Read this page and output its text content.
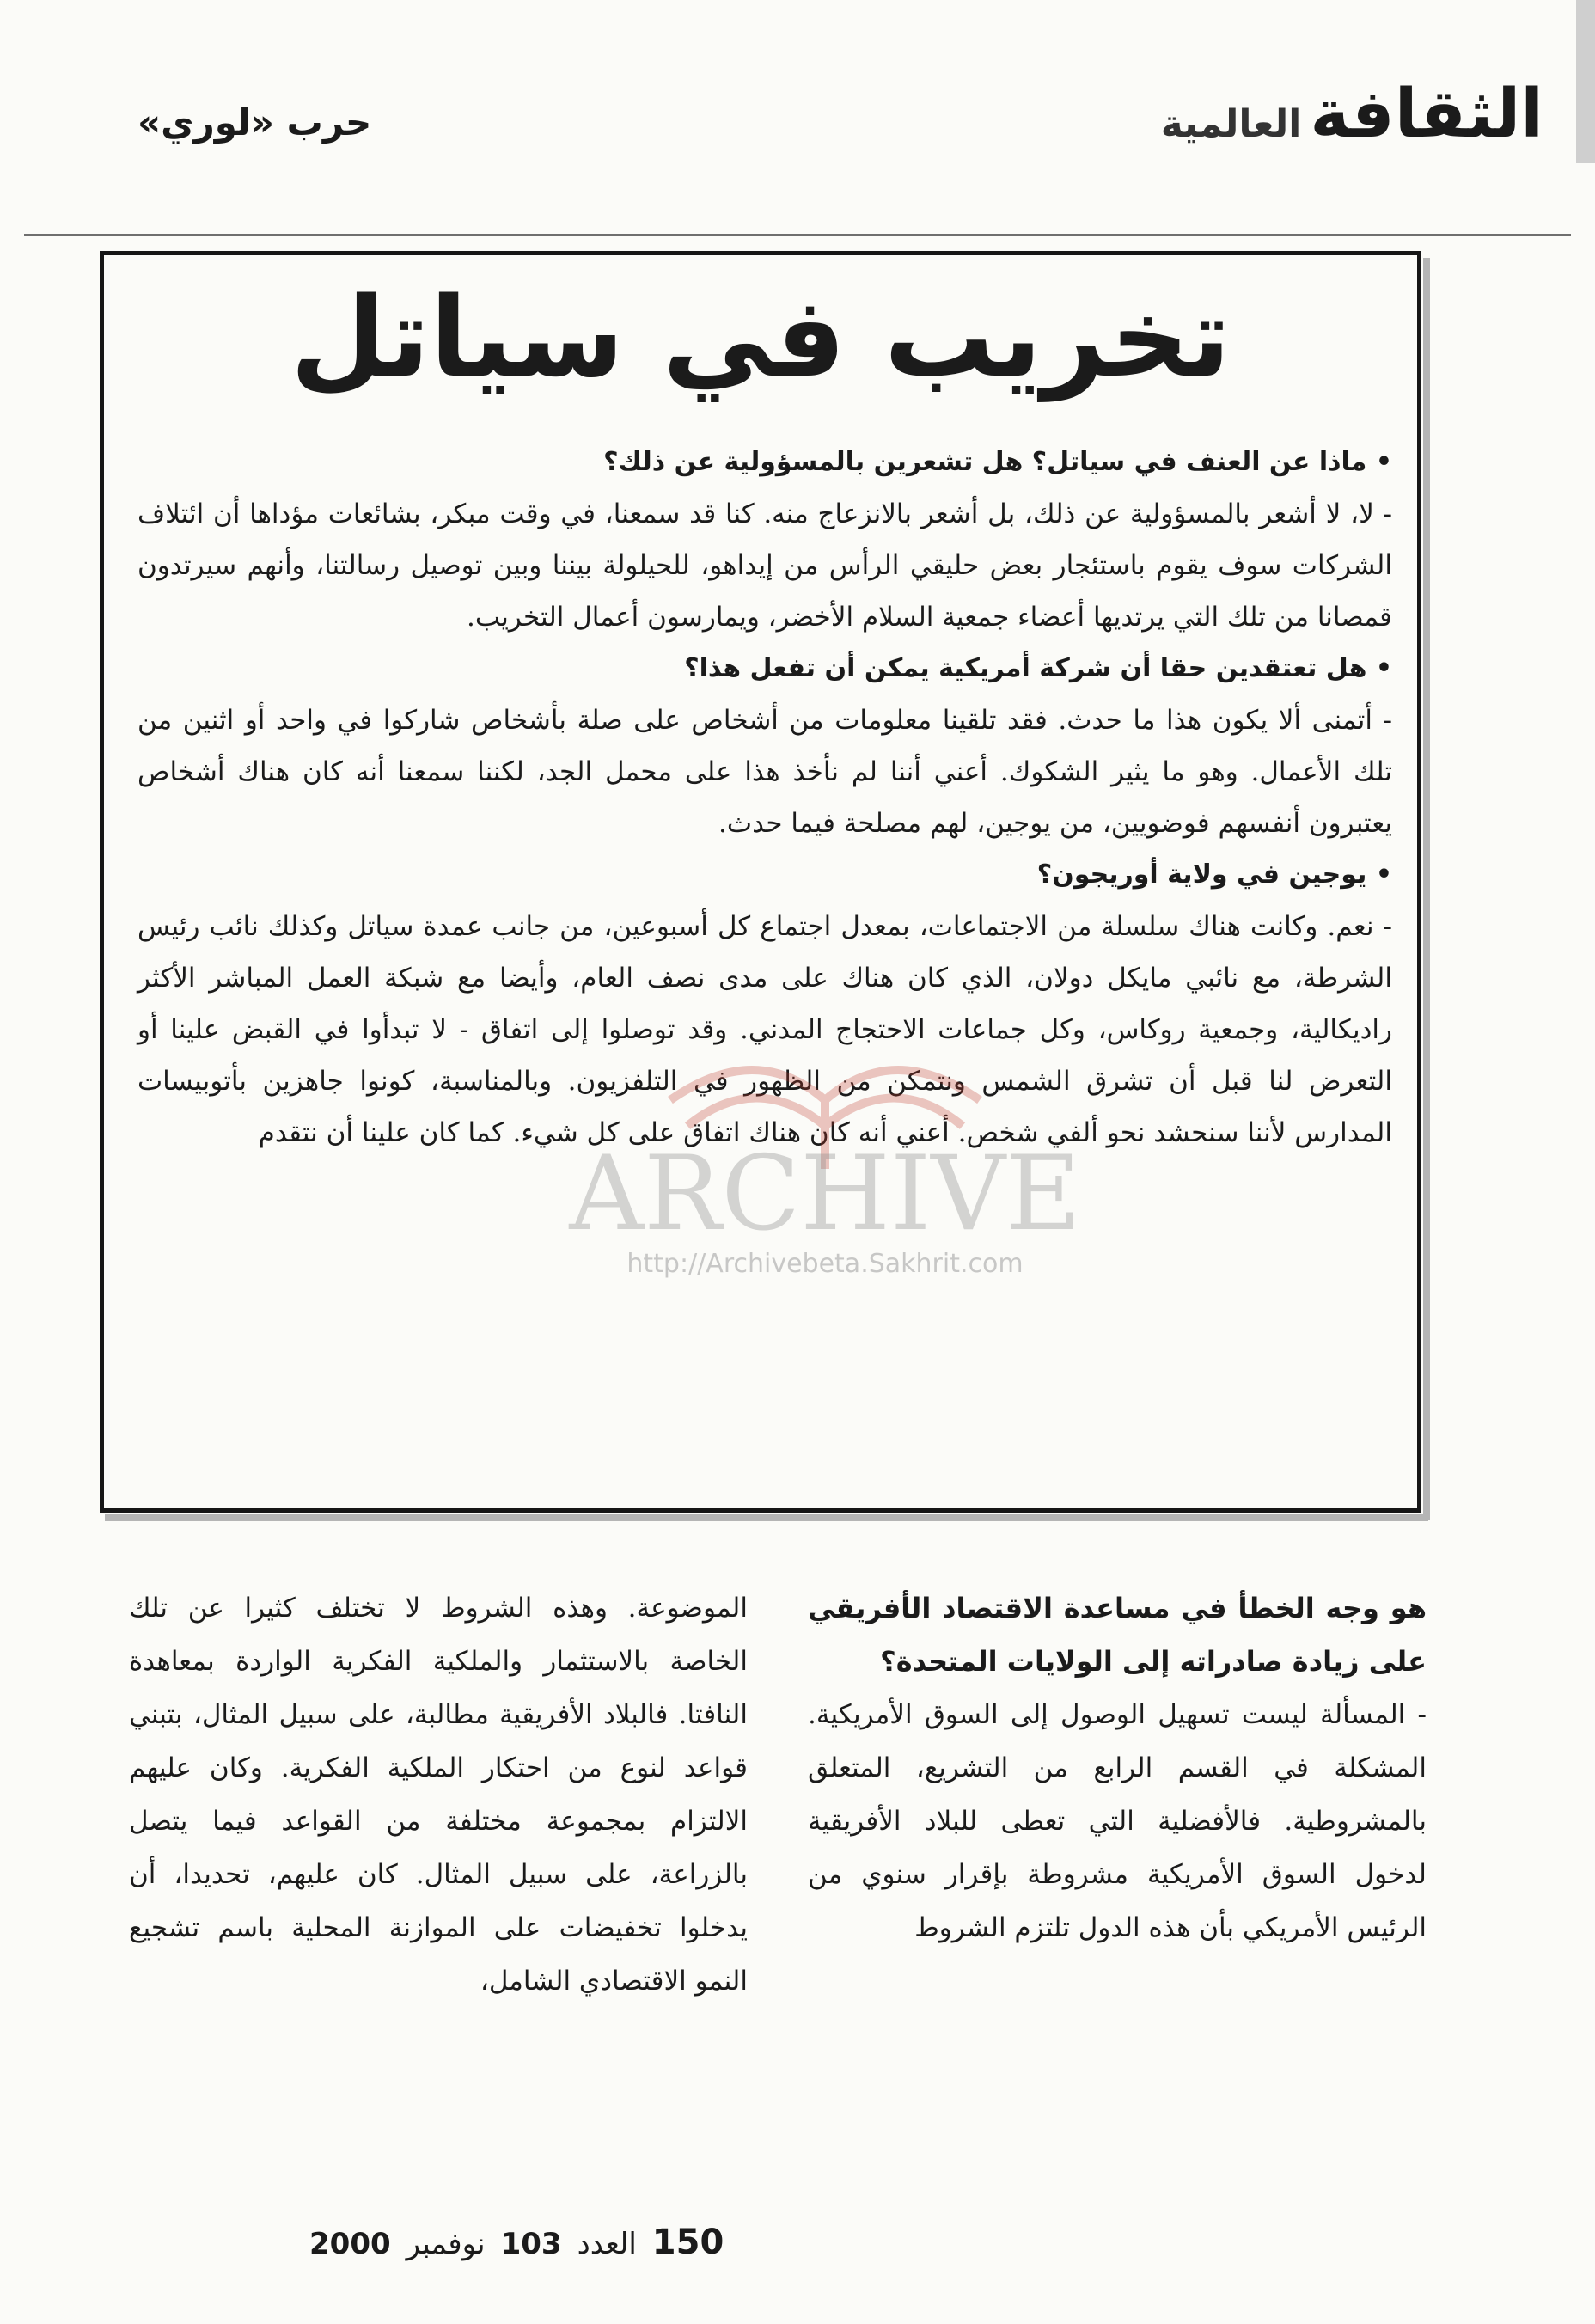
الثقافة
العالمية
حرب «لوري»
تخريب في سياتل

• ماذا عن العنف في سياتل؟ هل تشعرين بالمسؤولية عن ذلك؟

- لا، لا أشعر بالمسؤولية عن ذلك، بل أشعر بالانزعاج منه. كنا قد سمعنا، في وقت مبكر، بشائعات مؤداها أن ائتلاف الشركات سوف يقوم باستئجار بعض حليقي الرأس من إيداهو، للحيلولة بيننا وبين توصيل رسالتنا، وأنهم سيرتدون قمصانا من تلك التي يرتديها أعضاء جمعية السلام الأخضر، ويمارسون أعمال التخريب.

• هل تعتقدين حقا أن شركة أمريكية يمكن أن تفعل هذا؟

- أتمنى ألا يكون هذا ما حدث. فقد تلقينا معلومات من أشخاص على صلة بأشخاص شاركوا في واحد أو اثنين من تلك الأعمال. وهو ما يثير الشكوك. أعني أننا لم نأخذ هذا على محمل الجد، لكننا سمعنا أنه كان هناك أشخاص يعتبرون أنفسهم فوضويين، من يوجين، لهم مصلحة فيما حدث.

• يوجين في ولاية أوريجون؟

- نعم. وكانت هناك سلسلة من الاجتماعات، بمعدل اجتماع كل أسبوعين، من جانب عمدة سياتل وكذلك نائب رئيس الشرطة، مع نائبي مايكل دولان، الذي كان هناك على مدى نصف العام، وأيضا مع شبكة العمل المباشر الأكثر راديكالية، وجمعية روكاس، وكل جماعات الاحتجاج المدني. وقد توصلوا إلى اتفاق - لا تبدأوا في القبض علينا أو التعرض لنا قبل أن تشرق الشمس ونتمكن من الظهور في التلفزيون. وبالمناسبة، كونوا جاهزين بأتوبيسات المدارس لأننا سنحشد نحو ألفي شخص. أعني أنه كان هناك اتفاق على كل شيء. كما كان علينا أن نتقدم

هو وجه الخطأ في مساعدة الاقتصاد الأفريقي على زيادة صادراته إلى الولايات المتحدة؟

- المسألة ليست تسهيل الوصول إلى السوق الأمريكية. المشكلة في القسم الرابع من التشريع، المتعلق بالمشروطية. فالأفضلية التي تعطى للبلاد الأفريقية لدخول السوق الأمريكية مشروطة بإقرار سنوي من الرئيس الأمريكي بأن هذه الدول تلتزم الشروط

الموضوعة. وهذه الشروط لا تختلف كثيرا عن تلك الخاصة بالاستثمار والملكية الفكرية الواردة بمعاهدة النافتا. فالبلاد الأفريقية مطالبة، على سبيل المثال، بتبني قواعد لنوع من احتكار الملكية الفكرية. وكان عليهم الالتزام بمجموعة مختلفة من القواعد فيما يتصل بالزراعة، على سبيل المثال. كان عليهم، تحديدا، أن يدخلوا تخفيضات على الموازنة المحلية باسم تشجيع النمو الاقتصادي الشامل،

ARCHIVE
http://Archivebeta.Sakhrit.com
150
العدد
103
نوفمبر
2000
